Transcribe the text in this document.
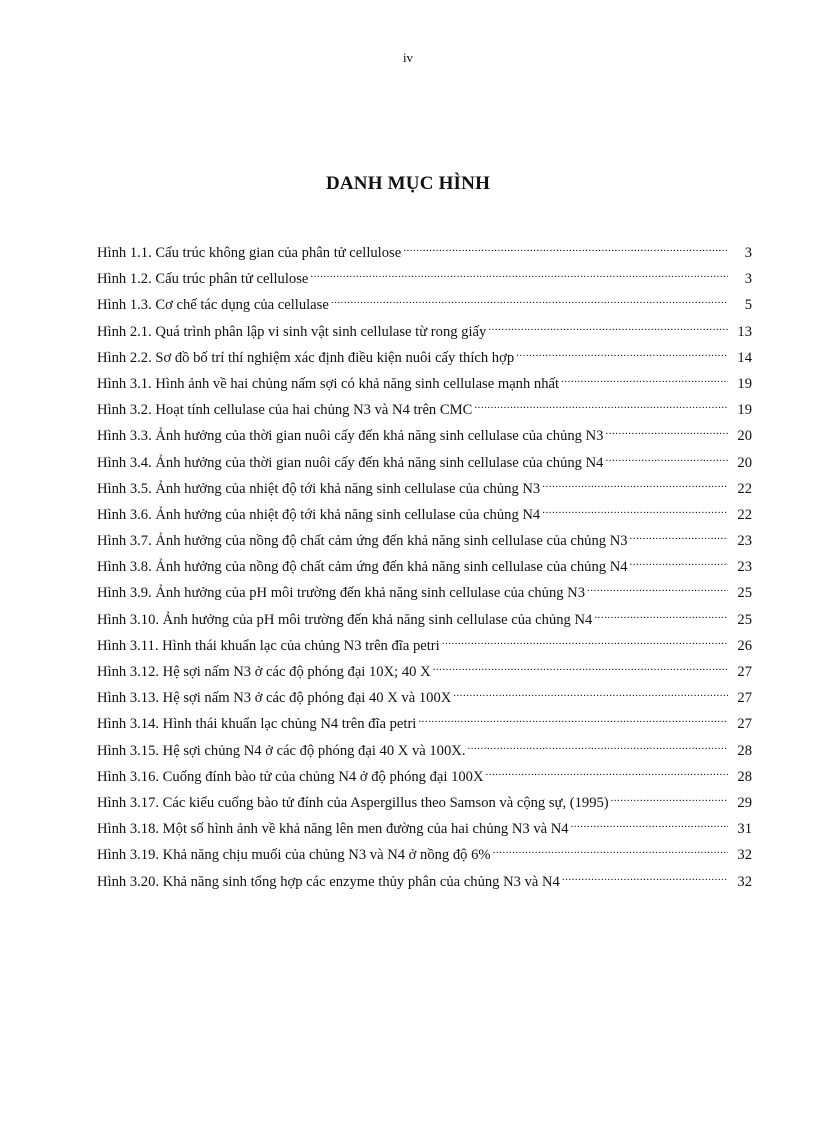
iv
DANH MỤC HÌNH
Hình 1.1. Cấu trúc không gian của phân tử cellulose .....	3
Hình 1.2. Cấu trúc phân tử cellulose .....	3
Hình 1.3. Cơ chế tác dụng của cellulase .....	5
Hình 2.1. Quá trình phân lập vi sinh vật sinh cellulase từ rong giấy .....	13
Hình 2.2. Sơ đồ bố trí thí nghiệm xác định điều kiện nuôi cấy thích hợp .....	14
Hình 3.1. Hình ảnh về hai chủng nấm sợi có khả năng sinh cellulase mạnh nhất .....	19
Hình 3.2. Hoạt tính cellulase của hai chủng N3 và N4 trên CMC .....	19
Hình 3.3. Ảnh hưởng của thời gian nuôi cấy đến khả năng sinh cellulase của chủng N3 .....	20
Hình 3.4. Ảnh hưởng của thời gian nuôi cấy đến khả năng sinh cellulase của chủng N4 .....	20
Hình 3.5. Ảnh hưởng của nhiệt độ tới khả năng sinh cellulase của chủng N3 .....	22
Hình 3.6. Ảnh hưởng của nhiệt độ tới khả năng sinh cellulase của chủng N4 .....	22
Hình 3.7. Ảnh hưởng của nồng độ chất cảm ứng đến khả năng sinh cellulase của chủng N3 .....	23
Hình 3.8. Ảnh hưởng của nồng độ chất cảm ứng đến khả năng sinh cellulase của chủng N4 .....	23
Hình 3.9. Ảnh hưởng của pH môi trường đến khả năng sinh cellulase của chủng N3 .....	25
Hình 3.10. Ảnh hưởng của pH môi trường đến khả năng sinh cellulase của chủng N4 .....	25
Hình 3.11. Hình thái khuẩn lạc của chủng N3 trên đĩa petri .....	26
Hình 3.12. Hệ sợi nấm N3 ở các độ phóng đại 10X; 40 X .....	27
Hình 3.13. Hệ sợi nấm N3 ở các độ phóng đại 40 X và 100X .....	27
Hình 3.14. Hình thái khuẩn lạc chủng N4 trên đĩa petri .....	27
Hình 3.15. Hệ sợi chủng N4 ở các độ phóng đại 40 X và 100X. .....	28
Hình 3.16. Cuống đính bào tử của chủng N4 ở độ phóng đại 100X .....	28
Hình 3.17. Các kiểu cuống bào tử đính của Aspergillus theo Samson và cộng sự, (1995) .....	29
Hình 3.18. Một số hình ảnh về khả năng lên men đường của hai chủng N3 và N4 .....	31
Hình 3.19. Khả năng chịu muối của chủng N3 và N4 ở nồng độ 6% .....	32
Hình 3.20. Khả năng sinh tổng hợp các enzyme thủy phân của chủng N3 và N4 .....	32
